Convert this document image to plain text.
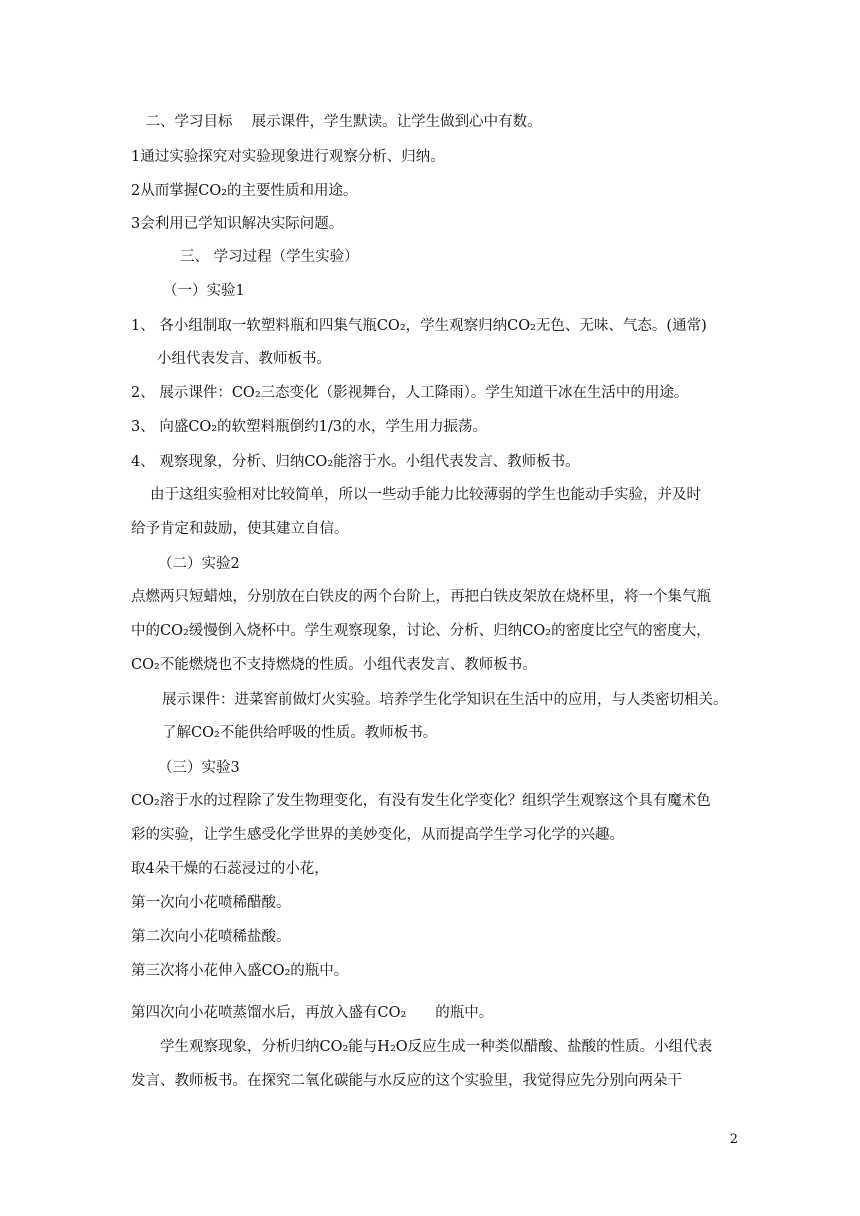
　二、学习目标　 展示课件，学生默读。让学生做到心中有数。
1通过实验探究对实验现象进行观察分析、归纳。
2从而掌握CO₂的主要性质和用途。
3会利用已学知识解决实际问题。
　　三、 学习过程（学生实验）
（一）实验1
1、 各小组制取一软塑料瓶和四集气瓶CO₂，学生观察归纳CO₂无色、无味、气态。(通常)
小组代表发言、教师板书。
2、 展示课件：CO₂三态变化（影视舞台，人工降雨）。学生知道干冰在生活中的用途。
3、 向盛CO₂的软塑料瓶倒约1/3的水，学生用力振荡。
4、 观察现象，分析、归纳CO₂能溶于水。小组代表发言、教师板书。
由于这组实验相对比较简单，所以一些动手能力比较薄弱的学生也能动手实验，并及时
给予肯定和鼓励，使其建立自信。
（二）实验2
点燃两只短蜡烛，分别放在白铁皮的两个台阶上，再把白铁皮架放在烧杯里，将一个集气瓶
中的CO₂缓慢倒入烧杯中。学生观察现象，讨论、分析、归纳CO₂的密度比空气的密度大，
CO₂不能燃烧也不支持燃烧的性质。小组代表发言、教师板书。
展示课件：进菜窖前做灯火实验。培养学生化学知识在生活中的应用，与人类密切相关。
了解CO₂不能供给呼吸的性质。教师板书。
（三）实验3
CO₂溶于水的过程除了发生物理变化，有没有发生化学变化？组织学生观察这个具有魔术色
彩的实验，让学生感受化学世界的美妙变化，从而提高学生学习化学的兴趣。
取4朵干燥的石蕊浸过的小花，
第一次向小花喷稀醋酸。
第二次向小花喷稀盐酸。
第三次将小花伸入盛CO₂的瓶中。
第四次向小花喷蒸馏水后，再放入盛有CO₂　　的瓶中。
学生观察现象，分析归纳CO₂能与H₂O反应生成一种类似醋酸、盐酸的性质。小组代表
发言、教师板书。在探究二氧化碳能与水反应的这个实验里，我觉得应先分别向两朵干
2
